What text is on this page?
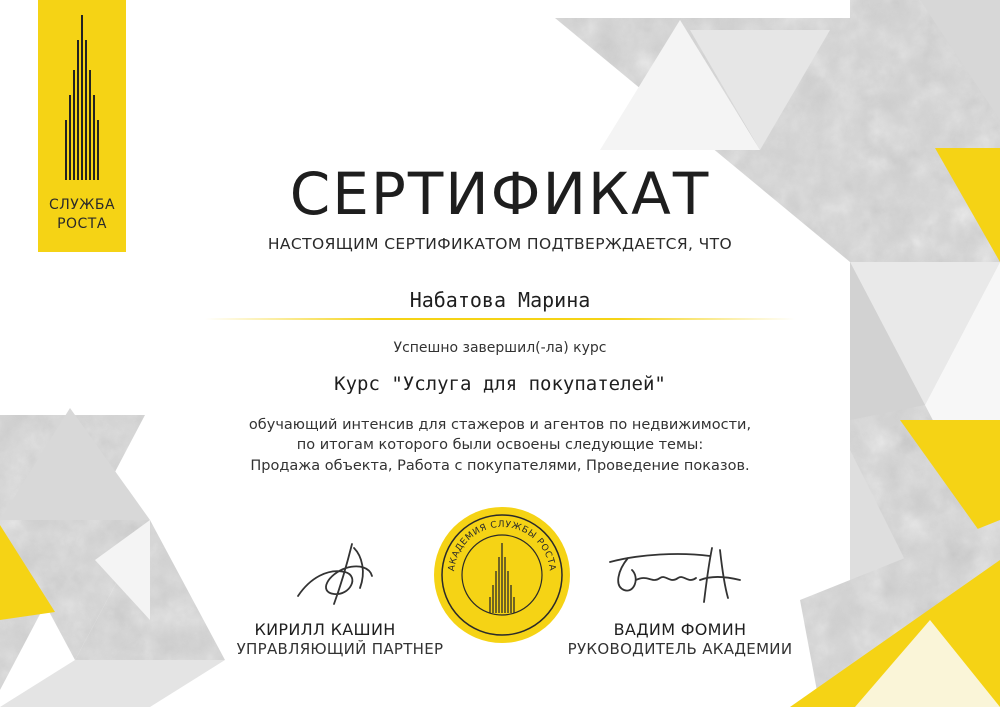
СЛУЖБА
РОСТА	СЕРТИФИКАТ
НАСТОЯЩИМ СЕРТИФИКАТОМ ПОДТВЕРЖДАЕТСЯ, ЧТО
Набатова Марина
Успешно завершил(-ла) курс
Курс "Услуга для покупателей"
обучающий интенсив для стажеров и агентов по недвижимости,
по итогам которого были освоены следующие темы:
Продажа объекта, Работа с покупателями, Проведение показов.
КИРИЛЛ КАШИН
УПРАВЛЯЮЩИЙ ПАРТНЕР
ВАДИМ ФОМИН
РУКОВОДИТЕЛЬ АКАДЕМИИ
АКАДЕМИЯ СЛУЖБЫ РОСТА
